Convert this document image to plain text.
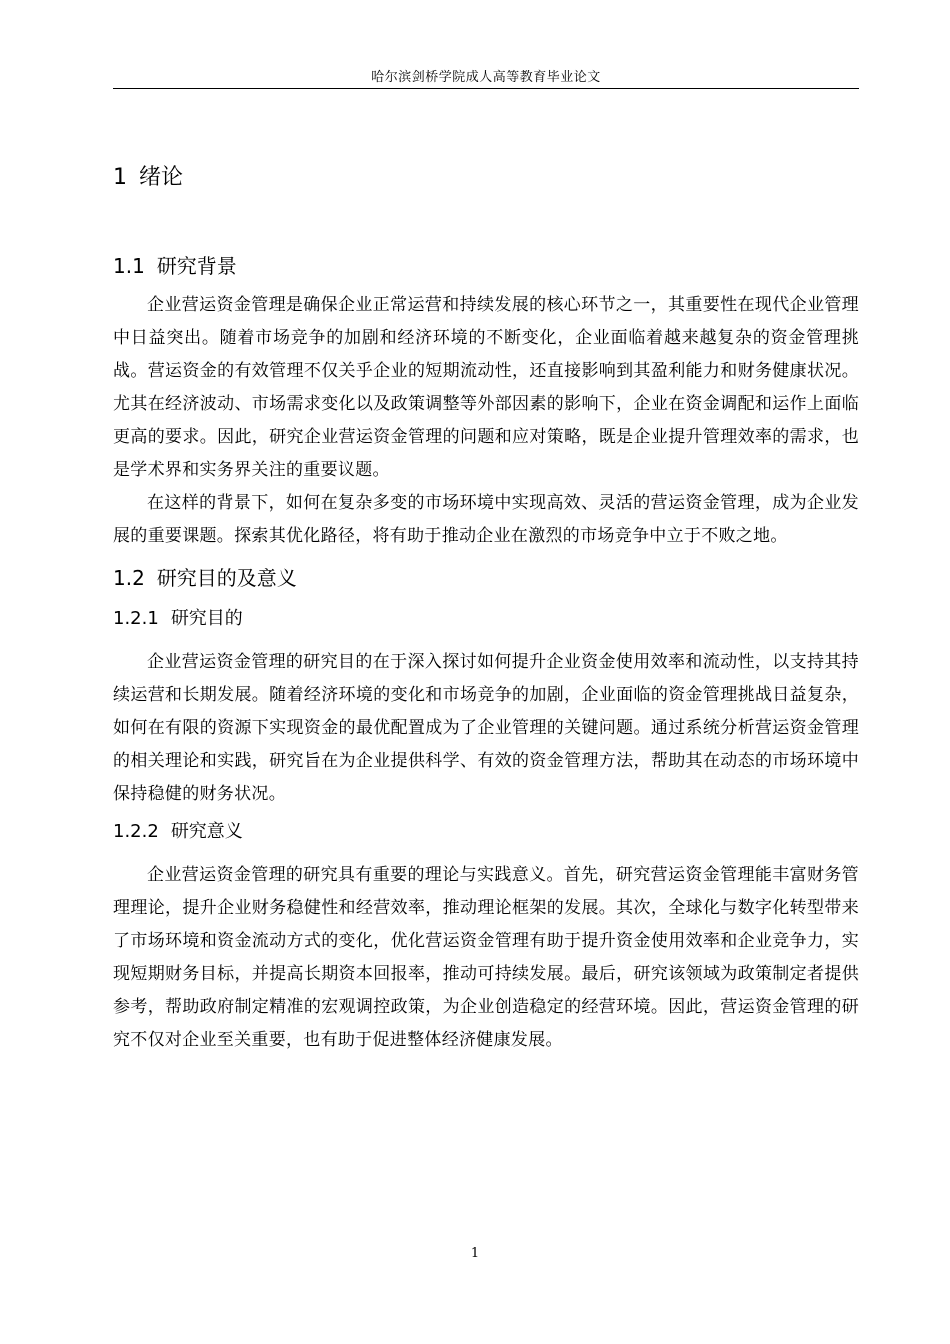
哈尔滨剑桥学院成人高等教育毕业论文
1 绪论
1.1 研究背景

企业营运资金管理是确保企业正常运营和持续发展的核心环节之一，其重要性在现代企业管理中日益突出。随着市场竞争的加剧和经济环境的不断变化，企业面临着越来越复杂的资金管理挑战。营运资金的有效管理不仅关乎企业的短期流动性，还直接影响到其盈利能力和财务健康状况。尤其在经济波动、市场需求变化以及政策调整等外部因素的影响下，企业在资金调配和运作上面临更高的要求。因此，研究企业营运资金管理的问题和应对策略，既是企业提升管理效率的需求，也是学术界和实务界关注的重要议题。

在这样的背景下，如何在复杂多变的市场环境中实现高效、灵活的营运资金管理，成为企业发展的重要课题。探索其优化路径，将有助于推动企业在激烈的市场竞争中立于不败之地。

1.2 研究目的及意义
1.2.1 研究目的

企业营运资金管理的研究目的在于深入探讨如何提升企业资金使用效率和流动性，以支持其持续运营和长期发展。随着经济环境的变化和市场竞争的加剧，企业面临的资金管理挑战日益复杂，如何在有限的资源下实现资金的最优配置成为了企业管理的关键问题。通过系统分析营运资金管理的相关理论和实践，研究旨在为企业提供科学、有效的资金管理方法，帮助其在动态的市场环境中保持稳健的财务状况。

1.2.2 研究意义

企业营运资金管理的研究具有重要的理论与实践意义。首先，研究营运资金管理能丰富财务管理理论，提升企业财务稳健性和经营效率，推动理论框架的发展。其次，全球化与数字化转型带来了市场环境和资金流动方式的变化，优化营运资金管理有助于提升资金使用效率和企业竞争力，实现短期财务目标，并提高长期资本回报率，推动可持续发展。最后，研究该领域为政策制定者提供参考，帮助政府制定精准的宏观调控政策，为企业创造稳定的经营环境。因此，营运资金管理的研究不仅对企业至关重要，也有助于促进整体经济健康发展。

1
